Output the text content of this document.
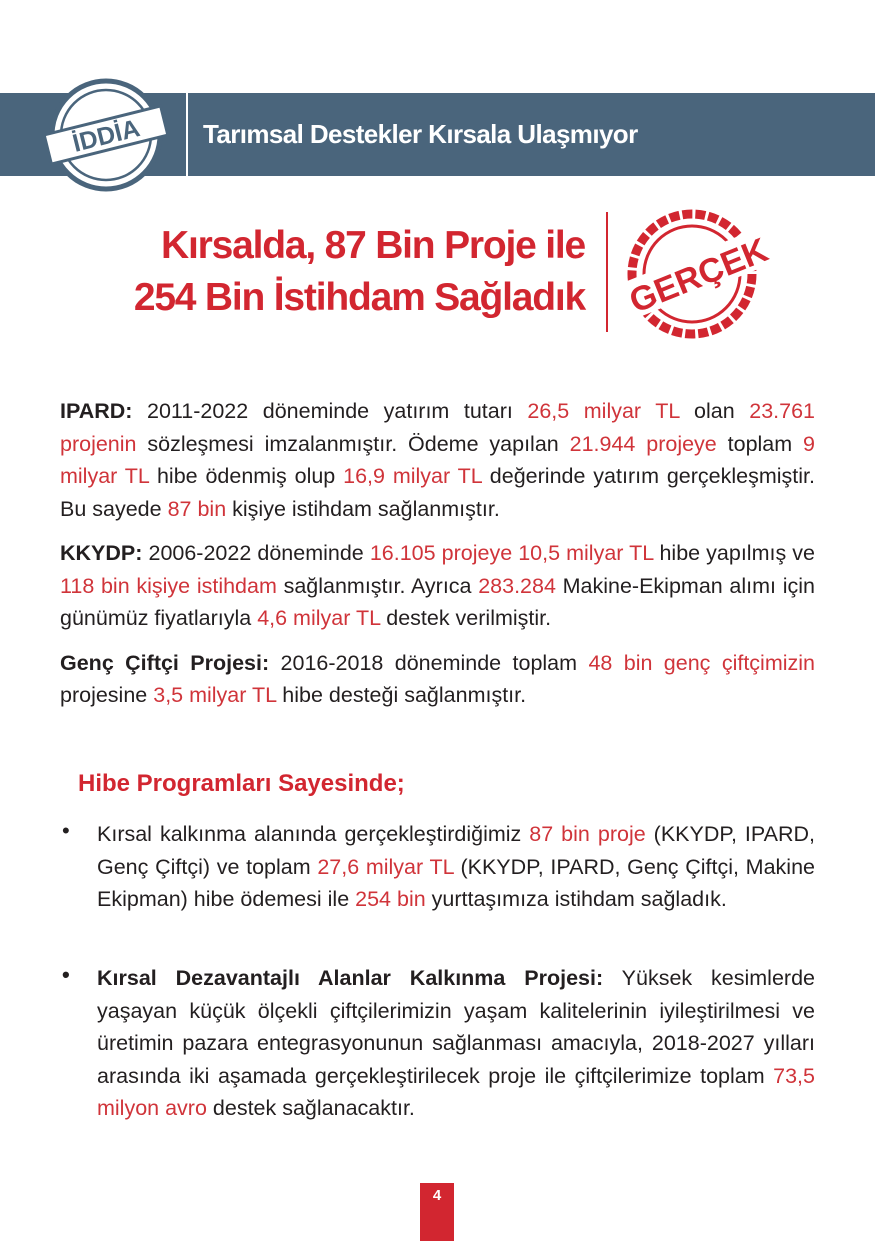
Tarımsal Destekler Kırsala Ulaşmıyor
İDDİA
Kırsalda, 87 Bin Proje ile
254 Bin İstihdam Sağladık GERÇEK

IPARD: 2011-2022 döneminde yatırım tutarı 26,5 milyar TL olan 23.761 projenin sözleşmesi imzalanmıştır. Ödeme yapılan 21.944 projeye toplam 9 milyar TL hibe ödenmiş olup 16,9 milyar TL değerinde yatırım gerçekleşmiştir. Bu sayede 87 bin kişiye istihdam sağlanmıştır.

KKYDP: 2006-2022 döneminde 16.105 projeye 10,5 milyar TL hibe yapılmış ve 118 bin kişiye istihdam sağlanmıştır. Ayrıca 283.284 Makine-Ekipman alımı için günümüz fiyatlarıyla 4,6 milyar TL destek verilmiştir.

Genç Çiftçi Projesi: 2016-2018 döneminde toplam 48 bin genç çiftçimizin projesine 3,5 milyar TL hibe desteği sağlanmıştır.

Hibe Programları Sayesinde;
• Kırsal kalkınma alanında gerçekleştirdiğimiz 87 bin proje (KKYDP, IPARD, Genç Çiftçi) ve toplam 27,6 milyar TL (KKYDP, IPARD, Genç Çiftçi, Makine Ekipman) hibe ödemesi ile 254 bin yurttaşımıza istihdam sağladık.
• Kırsal Dezavantajlı Alanlar Kalkınma Projesi: Yüksek kesimlerde yaşayan küçük ölçekli çiftçilerimizin yaşam kalitelerinin iyileştirilmesi ve üretimin pazara entegrasyonunun sağlanması amacıyla, 2018-2027 yılları arasında iki aşamada gerçekleştirilecek proje ile çiftçilerimize toplam 73,5 milyon avro destek sağlanacaktır.
4
